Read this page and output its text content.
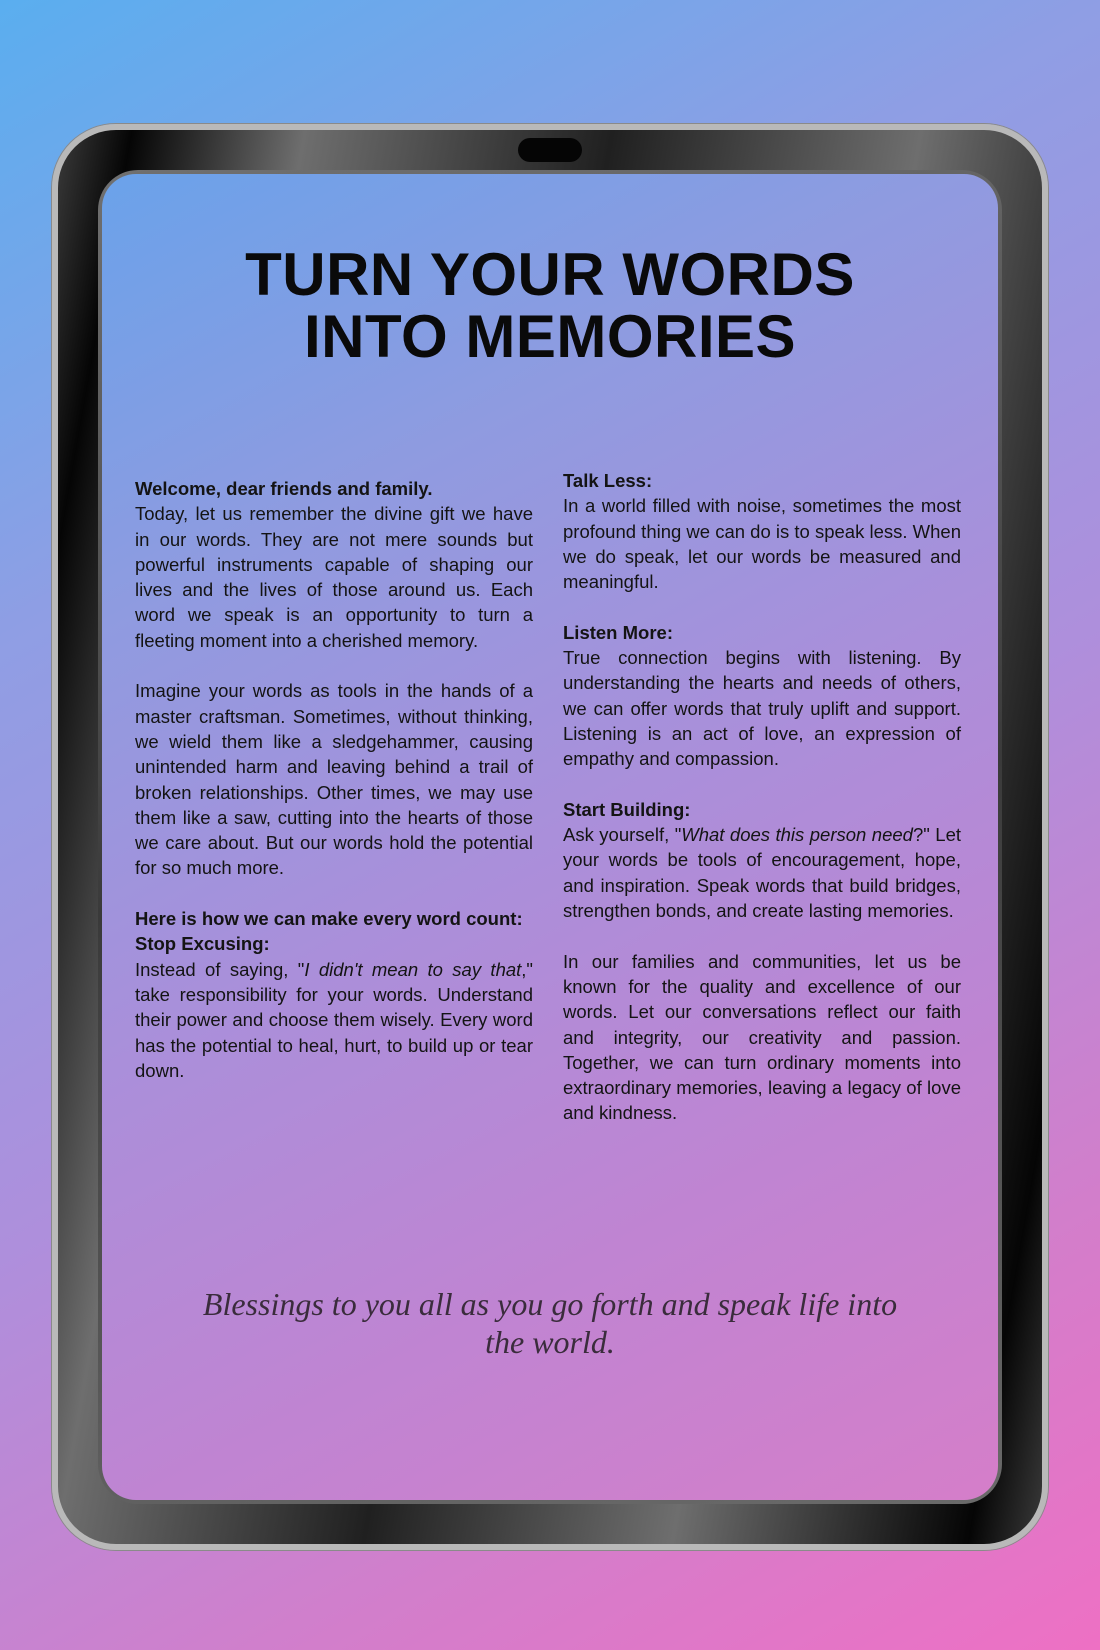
TURN YOUR WORDS
INTO MEMORIES

Welcome, dear friends and family.

Today, let us remember the divine gift we have in our words. They are not mere sounds but powerful instruments capable of shaping our lives and the lives of those around us. Each word we speak is an opportunity to turn a fleeting moment into a cherished memory.

Imagine your words as tools in the hands of a master craftsman. Sometimes, without thinking, we wield them like a sledgehammer, causing unintended harm and leaving behind a trail of broken relationships. Other times, we may use them like a saw, cutting into the hearts of those we care about. But our words hold the potential for so much more.

Here is how we can make every word count:

Stop Excusing:

Instead of saying, "I didn't mean to say that," take responsibility for your words. Understand their power and choose them wisely. Every word has the potential to heal, hurt, to build up or tear down.

Talk Less:

In a world filled with noise, sometimes the most profound thing we can do is to speak less. When we do speak, let our words be measured and meaningful.

Listen More:

True connection begins with listening. By understanding the hearts and needs of others, we can offer words that truly uplift and support. Listening is an act of love, an expression of empathy and compassion.

Start Building:

Ask yourself, "What does this person need?" Let your words be tools of encouragement, hope, and inspiration. Speak words that build bridges, strengthen bonds, and create lasting memories.

In our families and communities, let us be known for the quality and excellence of our words. Let our conversations reflect our faith and integrity, our creativity and passion. Together, we can turn ordinary moments into extraordinary memories, leaving a legacy of love and kindness.

Blessings to you all as you go forth and speak life into
the world.
